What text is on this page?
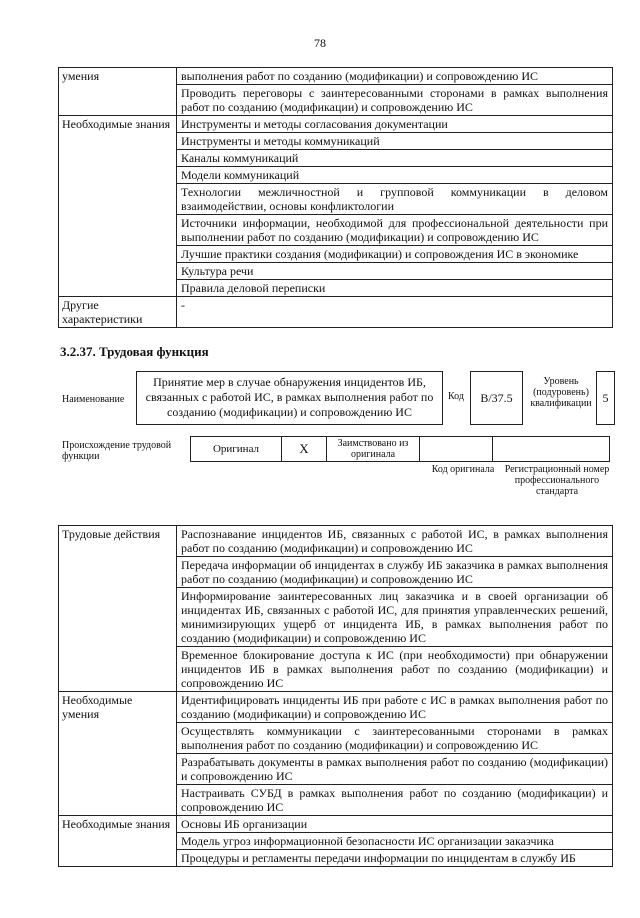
78
умения	выполнения работ по созданию (модификации) и сопровождению ИС
	Проводить переговоры с заинтересованными сторонами в рамках выполнения работ по созданию (модификации) и сопровождению ИС
Необходимые знания	Инструменты и методы согласования документации
	Инструменты и методы коммуникаций
	Каналы коммуникаций
	Модели коммуникаций
	Технологии межличностной и групповой коммуникации в деловом взаимодействии, основы конфликтологии
	Источники информации, необходимой для профессиональной деятельности при выполнении работ по созданию (модификации) и сопровождению ИС
	Лучшие практики создания (модификации) и сопровождения ИС в экономике
	Культура речи
	Правила деловой переписки
Другие характеристики	-
3.2.37. Трудовая функция
Наименование
Принятие мер в случае обнаружения инцидентов ИБ, связанных с работой ИС, в рамках выполнения работ по созданию (модификации) и сопровождению ИС
Код	B/37.5
Уровень (подуровень) квалификации 5
Происхождение трудовой функции
Оригинал	X	Заимствовано из оригинала
Код оригинала	Регистрационный номер профессионального стандарта
Трудовые действия	Распознавание инцидентов ИБ, связанных с работой ИС, в рамках выполнения работ по созданию (модификации) и сопровождению ИС
	Передача информации об инцидентах в службу ИБ заказчика в рамках выполнения работ по созданию (модификации) и сопровождению ИС
	Информирование заинтересованных лиц заказчика и в своей организации об инцидентах ИБ, связанных с работой ИС, для принятия управленческих решений, минимизирующих ущерб от инцидента ИБ, в рамках выполнения работ по созданию (модификации) и сопровождению ИС
	Временное блокирование доступа к ИС (при необходимости) при обнаружении инцидентов ИБ в рамках выполнения работ по созданию (модификации) и сопровождению ИС
Необходимые умения	Идентифицировать инциденты ИБ при работе с ИС в рамках выполнения работ по созданию (модификации) и сопровождению ИС
	Осуществлять коммуникации с заинтересованными сторонами в рамках выполнения работ по созданию (модификации) и сопровождению ИС
	Разрабатывать документы в рамках выполнения работ по созданию (модификации) и сопровождению ИС
	Настраивать СУБД в рамках выполнения работ по созданию (модификации) и сопровождению ИС
Необходимые знания	Основы ИБ организации
	Модель угроз информационной безопасности ИС организации заказчика
	Процедуры и регламенты передачи информации по инцидентам в службу ИБ
